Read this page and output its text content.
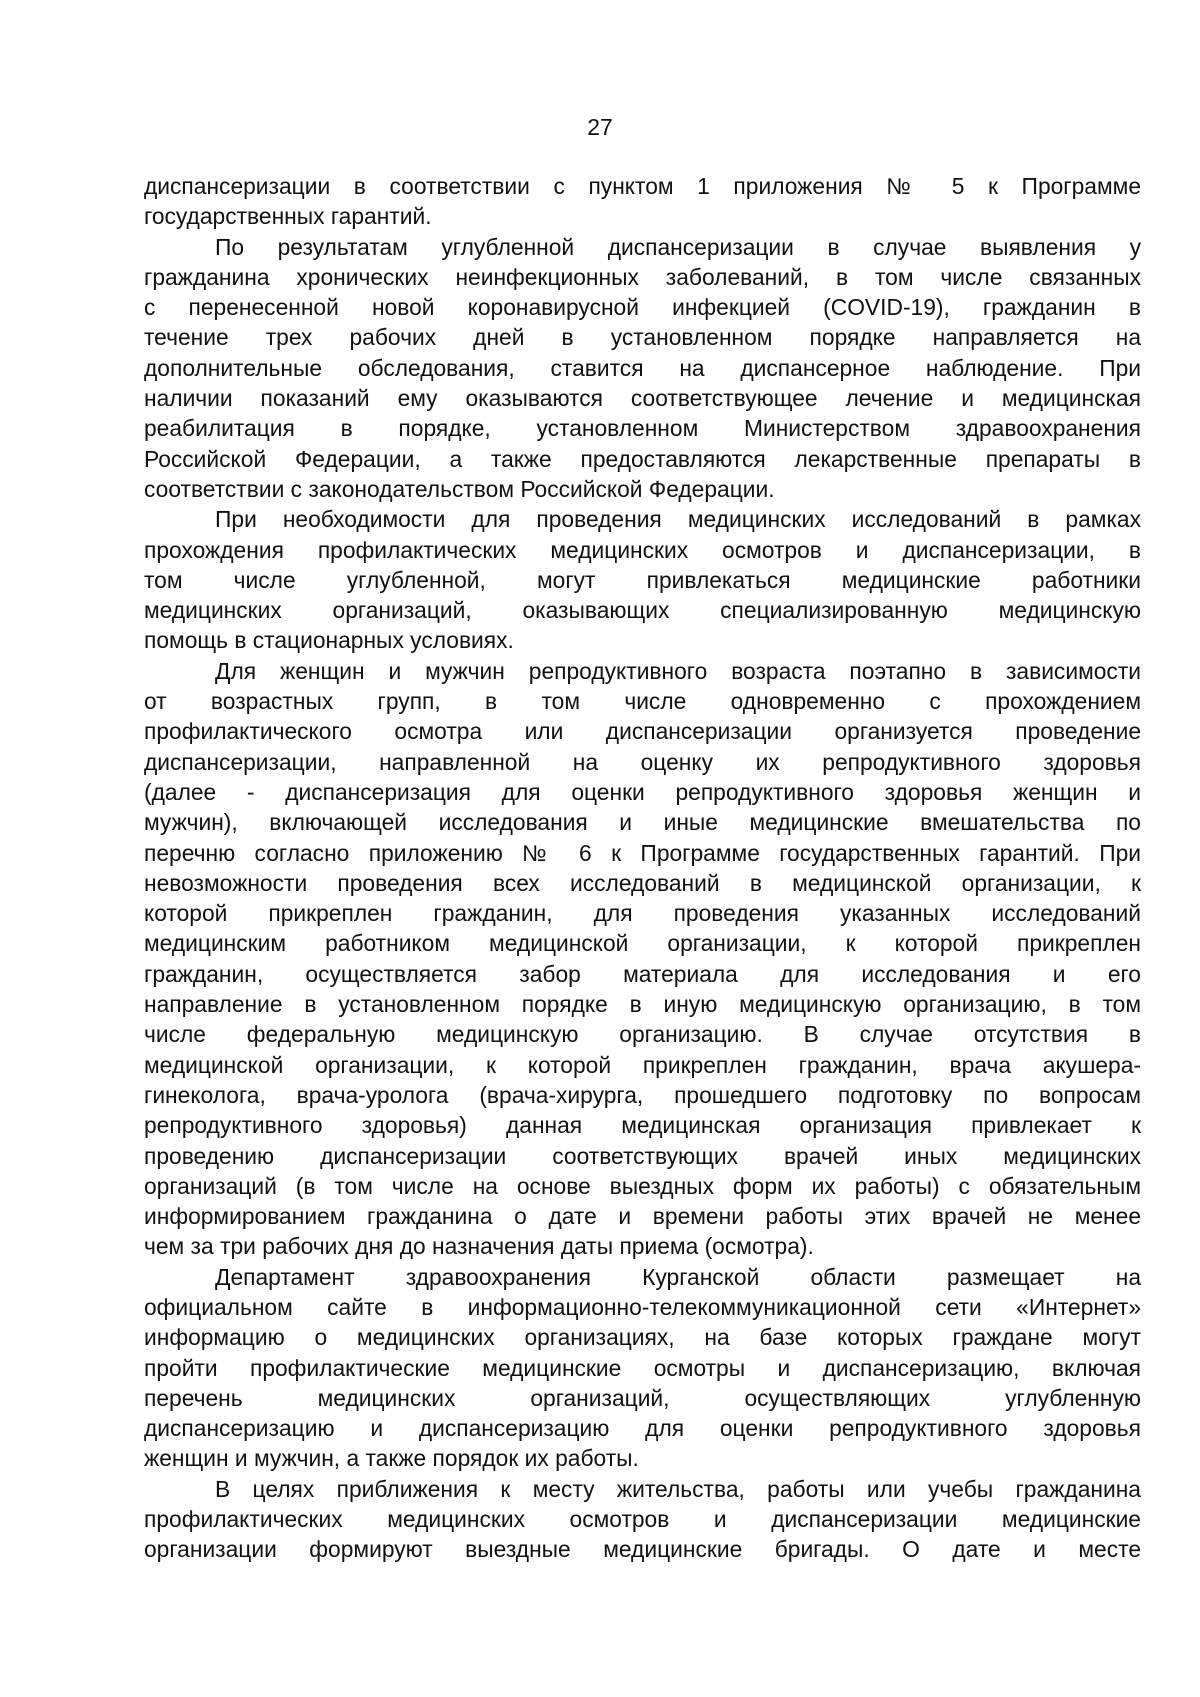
27
диспансеризации в соответствии с пунктом 1 приложения № 5 к Программе
государственных гарантий.
По результатам углубленной диспансеризации в случае выявления у
гражданина хронических неинфекционных заболеваний, в том числе связанных
с перенесенной новой коронавирусной инфекцией (COVID-19), гражданин в
течение трех рабочих дней в установленном порядке направляется на
дополнительные обследования, ставится на диспансерное наблюдение. При
наличии показаний ему оказываются соответствующее лечение и медицинская
реабилитация в порядке, установленном Министерством здравоохранения
Российской Федерации, а также предоставляются лекарственные препараты в
соответствии с законодательством Российской Федерации.
При необходимости для проведения медицинских исследований в рамках
прохождения профилактических медицинских осмотров и диспансеризации, в
том числе углубленной, могут привлекаться медицинские работники
медицинских организаций, оказывающих специализированную медицинскую
помощь в стационарных условиях.
Для женщин и мужчин репродуктивного возраста поэтапно в зависимости
от возрастных групп, в том числе одновременно с прохождением
профилактического осмотра или диспансеризации организуется проведение
диспансеризации, направленной на оценку их репродуктивного здоровья
(далее - диспансеризация для оценки репродуктивного здоровья женщин и
мужчин), включающей исследования и иные медицинские вмешательства по
перечню согласно приложению № 6 к Программе государственных гарантий. При
невозможности проведения всех исследований в медицинской организации, к
которой прикреплен гражданин, для проведения указанных исследований
медицинским работником медицинской организации, к которой прикреплен
гражданин, осуществляется забор материала для исследования и его
направление в установленном порядке в иную медицинскую организацию, в том
числе федеральную медицинскую организацию. В случае отсутствия в
медицинской организации, к которой прикреплен гражданин, врача акушера-
гинеколога, врача-уролога (врача-хирурга, прошедшего подготовку по вопросам
репродуктивного здоровья) данная медицинская организация привлекает к
проведению диспансеризации соответствующих врачей иных медицинских
организаций (в том числе на основе выездных форм их работы) с обязательным
информированием гражданина о дате и времени работы этих врачей не менее
чем за три рабочих дня до назначения даты приема (осмотра).
Департамент здравоохранения Курганской области размещает на
официальном сайте в информационно-телекоммуникационной сети «Интернет»
информацию о медицинских организациях, на базе которых граждане могут
пройти профилактические медицинские осмотры и диспансеризацию, включая
перечень медицинских организаций, осуществляющих углубленную
диспансеризацию и диспансеризацию для оценки репродуктивного здоровья
женщин и мужчин, а также порядок их работы.
В целях приближения к месту жительства, работы или учебы гражданина
профилактических медицинских осмотров и диспансеризации медицинские
организации формируют выездные медицинские бригады. О дате и месте
